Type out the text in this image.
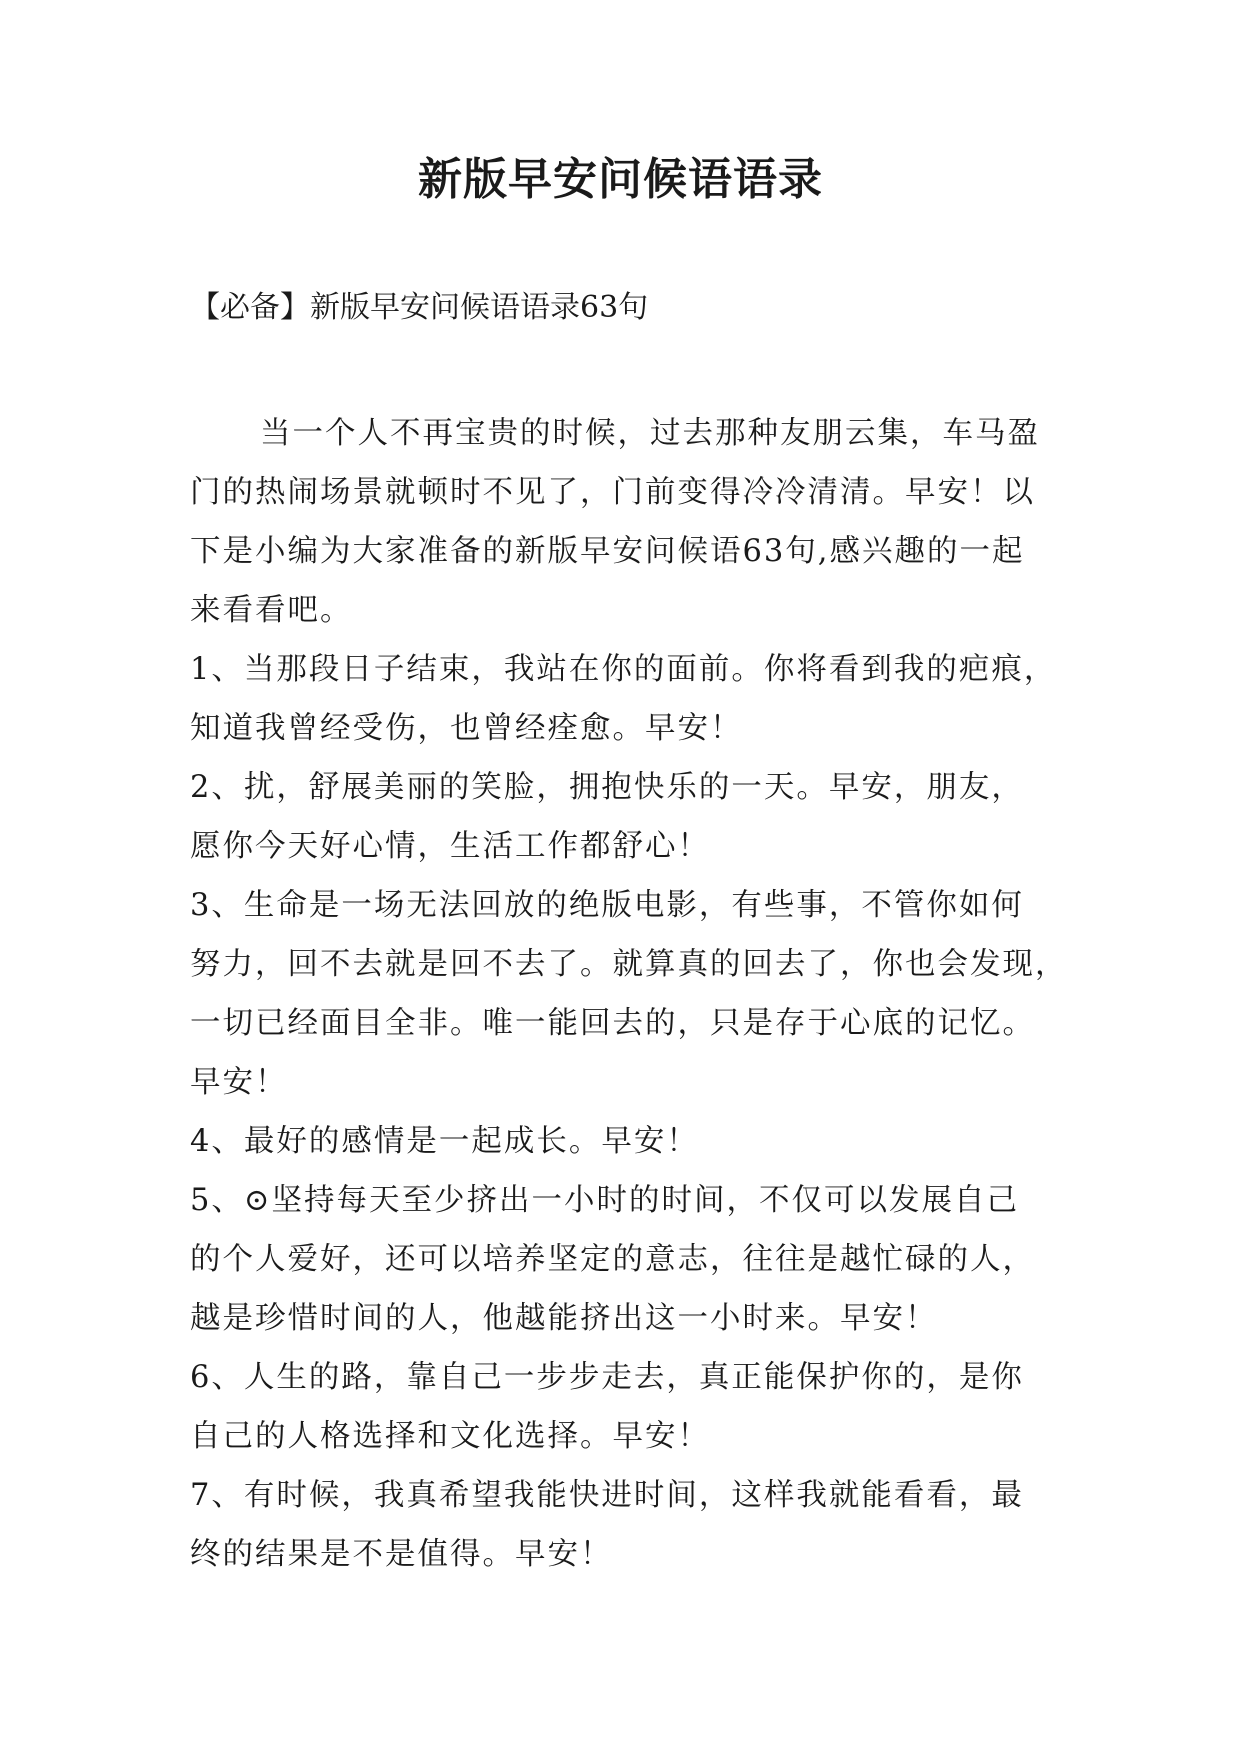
新版早安问候语语录
【必备】新版早安问候语语录63句
当一个人不再宝贵的时候，过去那种友朋云集，车马盈
门的热闹场景就顿时不见了，门前变得冷冷清清。早安！以
下是小编为大家准备的新版早安问候语63句,感兴趣的一起
来看看吧。
1、当那段日子结束，我站在你的面前。你将看到我的疤痕，
知道我曾经受伤，也曾经痊愈。早安！
2、扰，舒展美丽的笑脸，拥抱快乐的一天。早安，朋友，
愿你今天好心情，生活工作都舒心！
3、生命是一场无法回放的绝版电影，有些事，不管你如何
努力，回不去就是回不去了。就算真的回去了，你也会发现，
一切已经面目全非。唯一能回去的，只是存于心底的记忆。
早安！
4、最好的感情是一起成长。早安！
5、⊙坚持每天至少挤出一小时的时间，不仅可以发展自己
的个人爱好，还可以培养坚定的意志，往往是越忙碌的人，
越是珍惜时间的人，他越能挤出这一小时来。早安！
6、人生的路，靠自己一步步走去，真正能保护你的，是你
自己的人格选择和文化选择。早安！
7、有时候，我真希望我能快进时间，这样我就能看看，最
终的结果是不是值得。早安！
